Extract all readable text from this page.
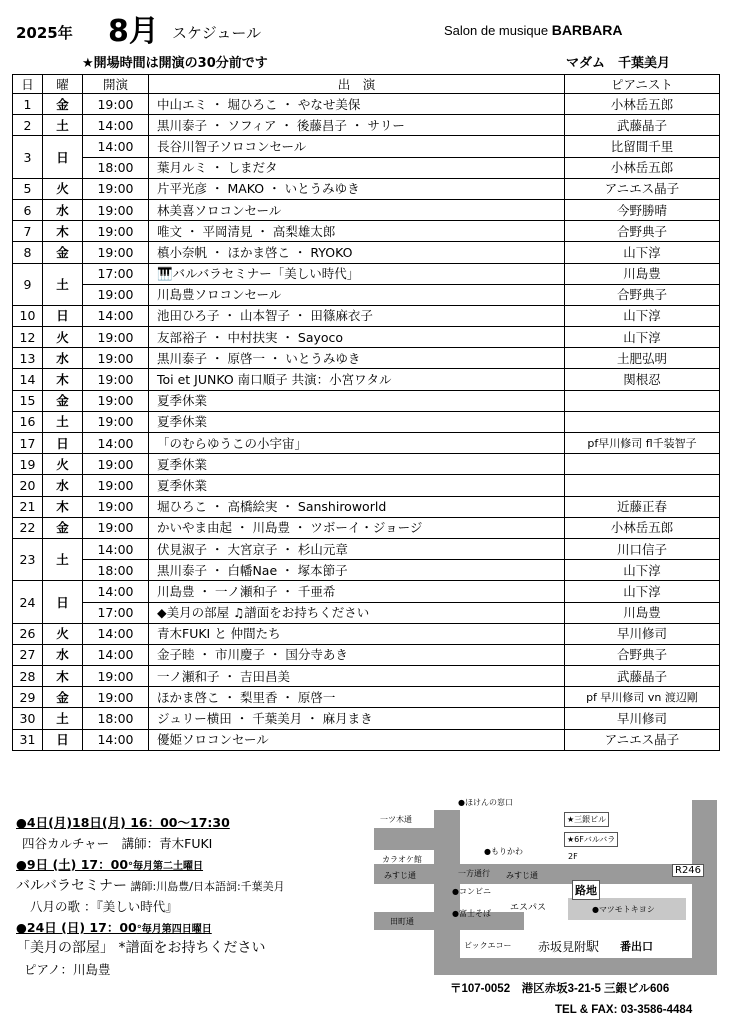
2025年 8月 スケジュール	Salon de musique BARBARA
★開場時間は開演の30分前です	マダム　千葉美月
日	曜	開演	出　演	ピアニスト
1	金	19:00	中山エミ ・ 堀ひろこ ・ やなせ美保	小林岳五郎
2	土	14:00	黒川泰子 ・ ソフィア ・ 後藤昌子 ・ サリー	武藤晶子
3	日	14:00	長谷川智子ソロコンセール	比留間千里
		18:00	葉月ルミ ・ しまだタ	小林岳五郎
5	火	19:00	片平光彦 ・ MAKO ・ いとうみゆき	アニエス晶子
6	水	19:00	林美喜ソロコンセール	今野勝晴
7	木	19:00	唯文 ・ 平岡清見 ・ 高梨雄太郎	合野典子
8	金	19:00	槙小奈帆 ・ ほかま啓こ ・ RYOKO	山下淳
9	土	17:00	🎹バルバラセミナー「美しい時代」	川島豊
		19:00	川島豊ソロコンセール	合野典子
10	日	14:00	池田ひろ子 ・ 山本智子 ・ 田篠麻衣子	山下淳
12	火	19:00	友部裕子 ・ 中村扶実 ・ Sayoco	山下淳
13	水	19:00	黒川泰子 ・ 原啓一 ・ いとうみゆき	土肥弘明
14	木	19:00	Toi et JUNKO 南口順子 共演：小宮ワタル	関根忍
15	金	19:00	夏季休業	
16	土	19:00	夏季休業	
17	日	14:00	「のむらゆうこの小宇宙」	pf早川修司 fl千装智子
19	火	19:00	夏季休業	
20	水	19:00	夏季休業	
21	木	19:00	堀ひろこ ・ 高橋絵実 ・ Sanshiroworld	近藤正春
22	金	19:00	かいやま由起 ・ 川島豊 ・ ツボーイ・ジョージ	小林岳五郎
23	土	14:00	伏見淑子 ・ 大宮京子 ・ 杉山元章	川口信子
		18:00	黒川泰子 ・ 白幡Nae ・ 塚本節子	山下淳
24	日	14:00	川島豊 ・ 一ノ瀬和子 ・ 千亜希	山下淳
		17:00	◆美月の部屋 ♫譜面をお持ちください	川島豊
26	火	14:00	青木FUKI と 仲間たち	早川修司
27	水	14:00	金子睦 ・ 市川慶子 ・ 国分寺あき	合野典子
28	木	19:00	一ノ瀬和子 ・ 吉田昌美	武藤晶子
29	金	19:00	ほかま啓こ ・ 梨里香 ・ 原啓一	pf 早川修司 vn 渡辺剛
30	土	18:00	ジュリー横田 ・ 千葉美月 ・ 麻月まき	早川修司
31	日	14:00	優姫ソロコンセール	アニエス晶子
●4日(月)18日(月) 16：00～17:30
四谷カルチャー　講師：青木FUKI
●9日 (土) 17：00°毎月第二土曜日
バルバラセミナー 講師:川島豊/日本語詞:千葉美月
八月の歌 ：『美しい時代』
●24日 (日) 17：00°毎月第四日曜日
「美月の部屋」 *譜面をお持ちください
ピアノ：川島豊
●ほけんの窓口
一ツ木通	★三銀ビル
★6Fバルバラ
2F
●もりかわ
カラオケ館
みすじ通	一方通行 みすじ通	R246
●コンビニ	路地
エスパス
●富士そば	●マツモトキヨシ
田町通
ビックエコー 赤坂見附駅 番出口
〒107-0052　港区赤坂3-21-5 三銀ビル606
TEL & FAX: 03-3586-4484
